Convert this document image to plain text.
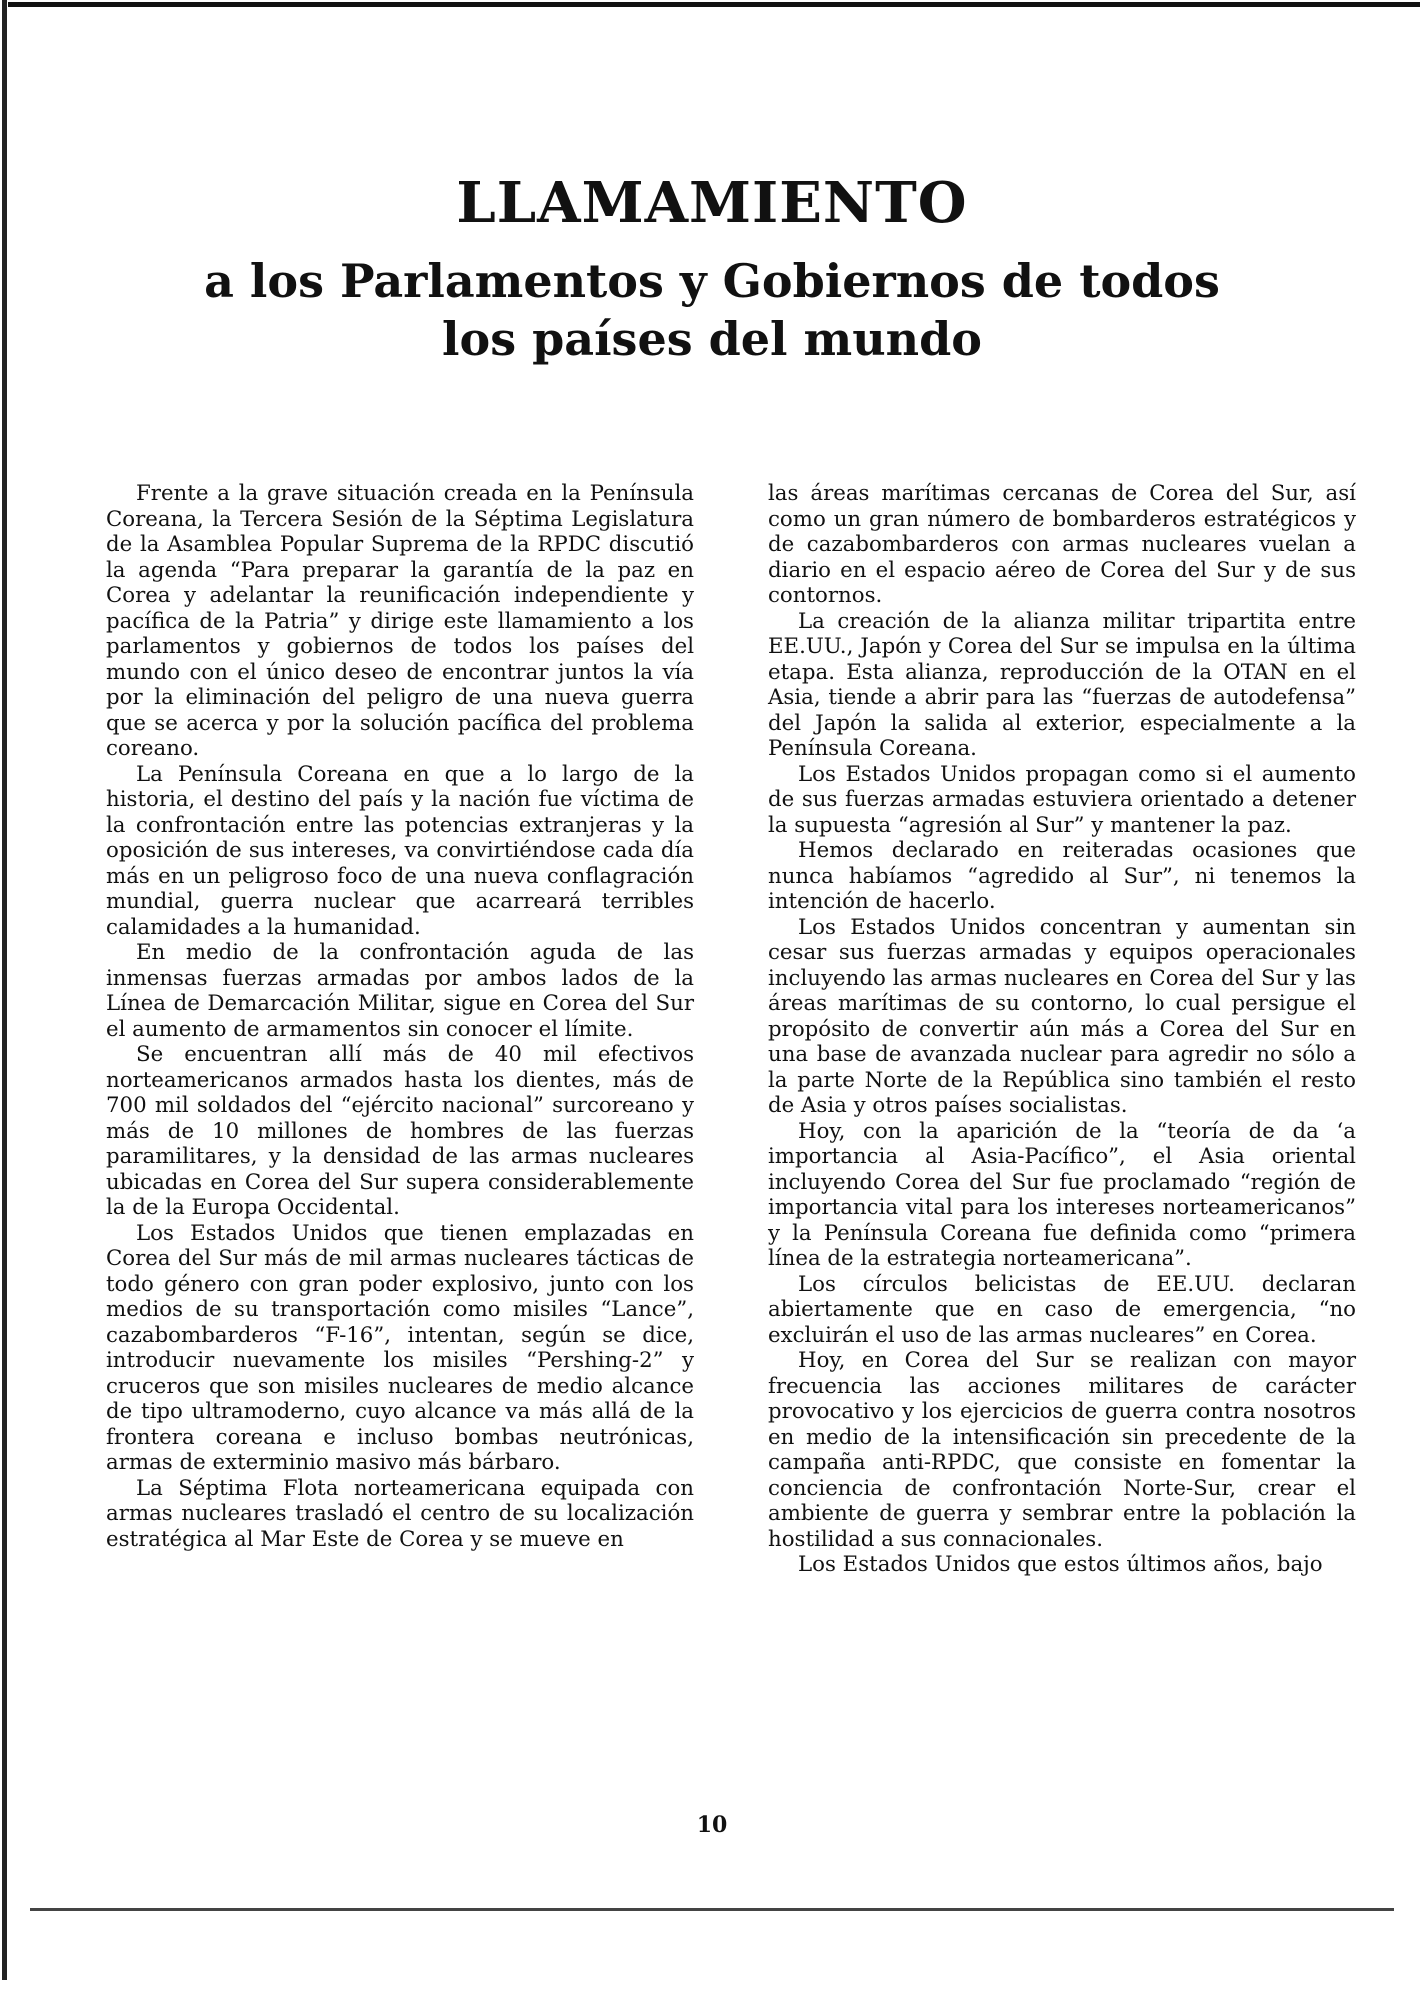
LLAMAMIENTO
a los Parlamentos y Gobiernos de todos
los países del mundo

Frente a la grave situación creada en la Península Coreana, la Tercera Sesión de la Séptima Legislatura de la Asamblea Popular Suprema de la RPDC discutió la agenda “Para preparar la garantía de la paz en Corea y adelantar la reunificación independiente y pacífica de la Patria” y dirige este llamamiento a los parlamentos y gobiernos de todos los países del mundo con el único deseo de encontrar juntos la vía por la eliminación del peligro de una nueva guerra que se acerca y por la solución pacífica del problema coreano.

La Península Coreana en que a lo largo de la historia, el destino del país y la nación fue víctima de la confrontación entre las potencias extranjeras y la oposición de sus intereses, va convirtiéndose cada día más en un peligroso foco de una nueva conflagración mundial, guerra nuclear que acarreará terribles calamidades a la humanidad.

En medio de la confrontación aguda de las inmensas fuerzas armadas por ambos lados de la Línea de Demarcación Militar, sigue en Corea del Sur el aumento de armamentos sin conocer el límite.

Se encuentran allí más de 40 mil efectivos norteamericanos armados hasta los dientes, más de 700 mil soldados del “ejército nacional” surcoreano y más de 10 millones de hombres de las fuerzas paramilitares, y la densidad de las armas nucleares ubicadas en Corea del Sur supera considerablemente la de la Europa Occidental.

Los Estados Unidos que tienen emplazadas en Corea del Sur más de mil armas nucleares tácticas de todo género con gran poder explosivo, junto con los medios de su transportación como misiles “Lance”, cazabombarderos “F-16”, intentan, según se dice, introducir nuevamente los misiles “Pershing-2” y cruceros que son misiles nucleares de medio alcance de tipo ultramoderno, cuyo alcance va más allá de la frontera coreana e incluso bombas neutrónicas, armas de exterminio masivo más bárbaro.

La Séptima Flota norteamericana equipada con armas nucleares trasladó el centro de su localización estratégica al Mar Este de Corea y se mueve en

las áreas marítimas cercanas de Corea del Sur, así como un gran número de bombarderos estratégicos y de cazabombarderos con armas nucleares vuelan a diario en el espacio aéreo de Corea del Sur y de sus contornos.

La creación de la alianza militar tripartita entre EE.UU., Japón y Corea del Sur se impulsa en la última etapa. Esta alianza, reproducción de la OTAN en el Asia, tiende a abrir para las “fuerzas de autodefensa” del Japón la salida al exterior, especialmente a la Península Coreana.

Los Estados Unidos propagan como si el aumento de sus fuerzas armadas estuviera orientado a detener la supuesta “agresión al Sur” y mantener la paz.

Hemos declarado en reiteradas ocasiones que nunca habíamos “agredido al Sur”, ni tenemos la intención de hacerlo.

Los Estados Unidos concentran y aumentan sin cesar sus fuerzas armadas y equipos operacionales incluyendo las armas nucleares en Corea del Sur y las áreas marítimas de su contorno, lo cual persigue el propósito de convertir aún más a Corea del Sur en una base de avanzada nuclear para agredir no sólo a la parte Norte de la República sino también el resto de Asia y otros países socialistas.

Hoy, con la aparición de la “teoría de da ‘a importancia al Asia-Pacífico”, el Asia oriental incluyendo Corea del Sur fue proclamado “región de importancia vital para los intereses norteamericanos” y la Península Coreana fue definida como “primera línea de la estrategia norteamericana”.

Los círculos belicistas de EE.UU. declaran abiertamente que en caso de emergencia, “no excluirán el uso de las armas nucleares” en Corea.

Hoy, en Corea del Sur se realizan con mayor frecuencia las acciones militares de carácter provocativo y los ejercicios de guerra contra nosotros en medio de la intensificación sin precedente de la campaña anti-RPDC, que consiste en fomentar la conciencia de confrontación Norte-Sur, crear el ambiente de guerra y sembrar entre la población la hostilidad a sus connacionales.

Los Estados Unidos que estos últimos años, bajo

10
